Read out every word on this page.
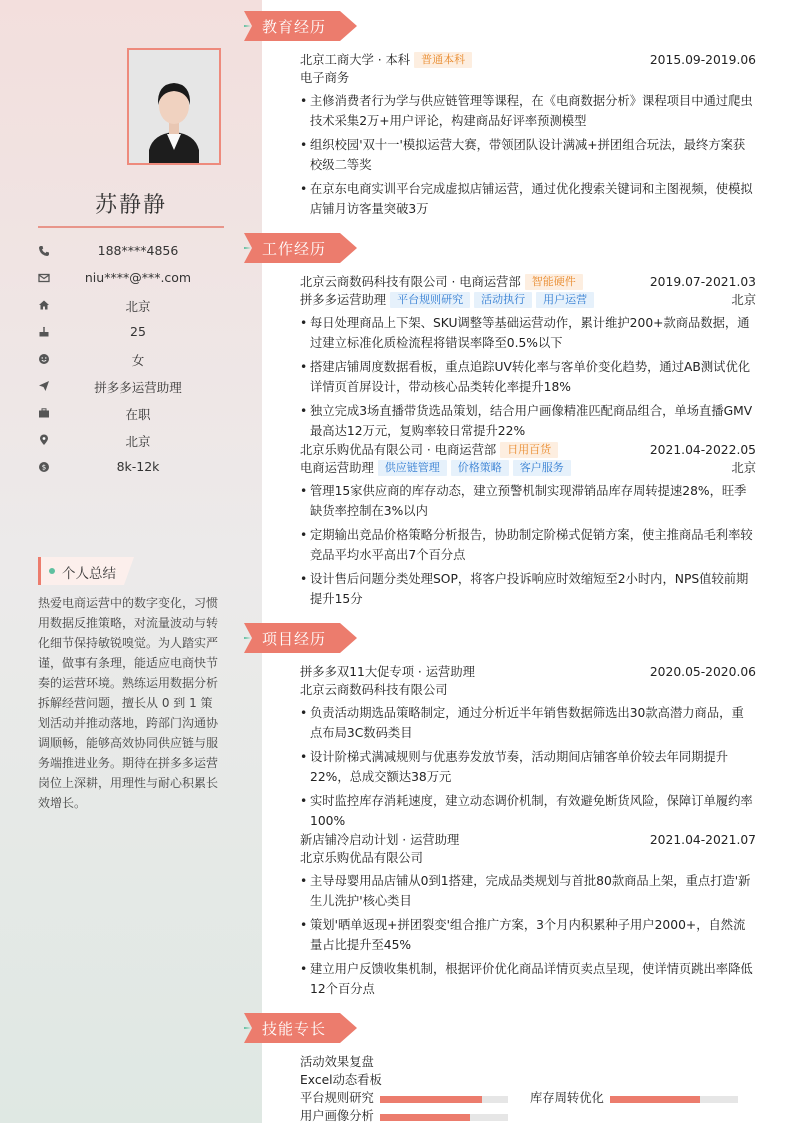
苏静静
188****4856
niu****@***.com
北京
25
女
拼多多运营助理
在职
北京
$	8k-12k
个人总结
热爱电商运营中的数字变化，习惯用数据反推策略，对流量波动与转化细节保持敏锐嗅觉。为人踏实严谨，做事有条理，能适应电商快节奏的运营环境。熟练运用数据分析拆解经营问题，擅长从 0 到 1 策划活动并推动落地，跨部门沟通协调顺畅，能够高效协同供应链与服务端推进业务。期待在拼多多运营岗位上深耕，用理性与耐心积累长效增长。
教育经历
工作经历
项目经历
技能专长
北京工商大学 · 本科 普通本科	2015.09-2019.06
电子商务
• 主修消费者行为学与供应链管理等课程，在《电商数据分析》课程项目中通过爬虫技术采集2万+用户评论，构建商品好评率预测模型
• 组织校园'双十一'模拟运营大赛，带领团队设计满减+拼团组合玩法，最终方案获校级二等奖
• 在京东电商实训平台完成虚拟店铺运营，通过优化搜索关键词和主图视频，使模拟店铺月访客量突破3万
北京云商数码科技有限公司 · 电商运营部 智能硬件	2019.07-2021.03
拼多多运营助理 平台规则研究 活动执行 用户运营	北京
• 每日处理商品上下架、SKU调整等基础运营动作，累计维护200+款商品数据，通过建立标准化质检流程将错误率降至0.5%以下
• 搭建店铺周度数据看板，重点追踪UV转化率与客单价变化趋势，通过AB测试优化详情页首屏设计，带动核心品类转化率提升18%
• 独立完成3场直播带货选品策划，结合用户画像精准匹配商品组合，单场直播GMV最高达12万元，复购率较日常提升22%
北京乐购优品有限公司 · 电商运营部 日用百货	2021.04-2022.05
电商运营助理 供应链管理 价格策略 客户服务	北京
• 管理15家供应商的库存动态，建立预警机制实现滞销品库存周转提速28%，旺季缺货率控制在3%以内
• 定期输出竞品价格策略分析报告，协助制定阶梯式促销方案，使主推商品毛利率较竞品平均水平高出7个百分点
• 设计售后问题分类处理SOP，将客户投诉响应时效缩短至2小时内，NPS值较前期提升15分
拼多多双11大促专项 · 运营助理	2020.05-2020.06
北京云商数码科技有限公司
• 负责活动期选品策略制定，通过分析近半年销售数据筛选出30款高潜力商品，重点布局3C数码类目
• 设计阶梯式满减规则与优惠券发放节奏，活动期间店铺客单价较去年同期提升22%，总成交额达38万元
• 实时监控库存消耗速度，建立动态调价机制，有效避免断货风险，保障订单履约率100%
新店铺冷启动计划 · 运营助理	2021.04-2021.07
北京乐购优品有限公司
• 主导母婴用品店铺从0到1搭建，完成品类规划与首批80款商品上架，重点打造'新生儿洗护'核心类目
• 策划'晒单返现+拼团裂变'组合推广方案，3个月内积累种子用户2000+，自然流量占比提升至45%
• 建立用户反馈收集机制，根据评价优化商品详情页卖点呈现，使详情页跳出率降低12个百分点
活动效果复盘
Excel动态看板
平台规则研究	库存周转优化
用户画像分析
